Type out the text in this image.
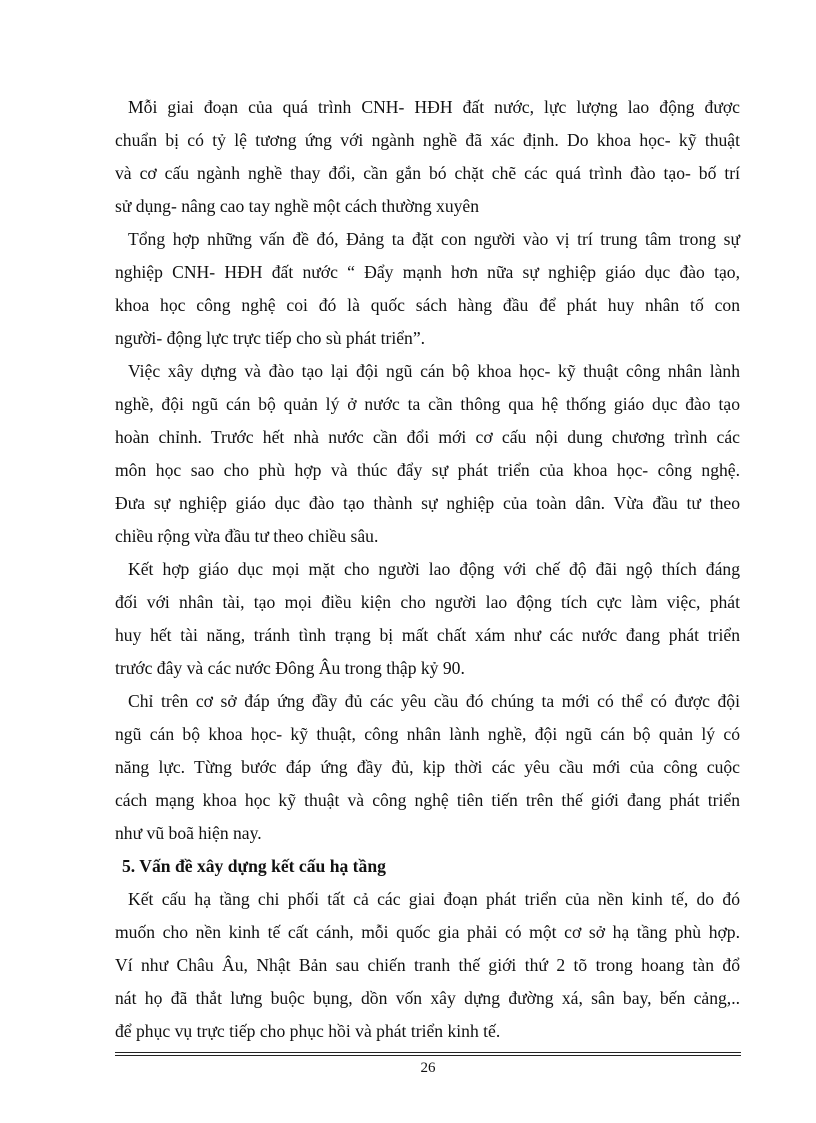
Mỗi giai đoạn của quá trình CNH- HĐH đất nước, lực lượng lao động được
chuẩn bị có tỷ lệ tương ứng với ngành nghề đã xác định. Do khoa học- kỹ thuật
và cơ cấu ngành nghề thay đổi, cần gắn bó chặt chẽ các quá trình đào tạo- bố trí
sử dụng- nâng cao tay nghề một cách thường xuyên
Tổng hợp những vấn đề đó, Đảng ta đặt con người vào vị trí trung tâm trong sự
nghiệp CNH- HĐH đất nước “ Đẩy mạnh hơn nữa sự nghiệp giáo dục đào tạo,
khoa học công nghệ coi đó là quốc sách hàng đầu để phát huy nhân tố con
người- động lực trực tiếp cho sù phát triển”.
Việc xây dựng và đào tạo lại đội ngũ cán bộ khoa học- kỹ thuật công nhân lành
nghề, đội ngũ cán bộ quản lý ở nước ta cần thông qua hệ thống giáo dục đào tạo
hoàn chỉnh. Trước hết nhà nước cần đổi mới cơ cấu nội dung chương trình các
môn học sao cho phù hợp và thúc đẩy sự phát triển của khoa học- công nghệ.
Đưa sự nghiệp giáo dục đào tạo thành sự nghiệp của toàn dân. Vừa đầu tư theo
chiều rộng vừa đầu tư theo chiều sâu.
Kết hợp giáo dục mọi mặt cho người lao động với chế độ đãi ngộ thích đáng
đối với nhân tài, tạo mọi điều kiện cho người lao động tích cực làm việc, phát
huy hết tài năng, tránh tình trạng bị mất chất xám như các nước đang phát triển
trước đây và các nước Đông Âu trong thập kỷ 90.
Chỉ trên cơ sở đáp ứng đầy đủ các yêu cầu đó chúng ta mới có thể có được đội
ngũ cán bộ khoa học- kỹ thuật, công nhân lành nghề, đội ngũ cán bộ quản lý có
năng lực. Từng bước đáp ứng đầy đủ, kịp thời các yêu cầu mới của công cuộc
cách mạng khoa học kỹ thuật và công nghệ tiên tiến trên thế giới đang phát triển
như vũ boã hiện nay.
5. Vấn đề xây dựng kết cấu hạ tầng
Kết cấu hạ tầng chi phối tất cả các giai đoạn phát triển của nền kinh tế, do đó
muốn cho nền kinh tế cất cánh, mỗi quốc gia phải có một cơ sở hạ tầng phù hợp.
Ví như Châu Âu, Nhật Bản sau chiến tranh thế giới thứ 2 tõ trong hoang tàn đổ
nát họ đã thắt lưng buộc bụng, dồn vốn xây dựng đường xá, sân bay, bến cảng,..
để phục vụ trực tiếp cho phục hồi và phát triển kinh tế.
26
